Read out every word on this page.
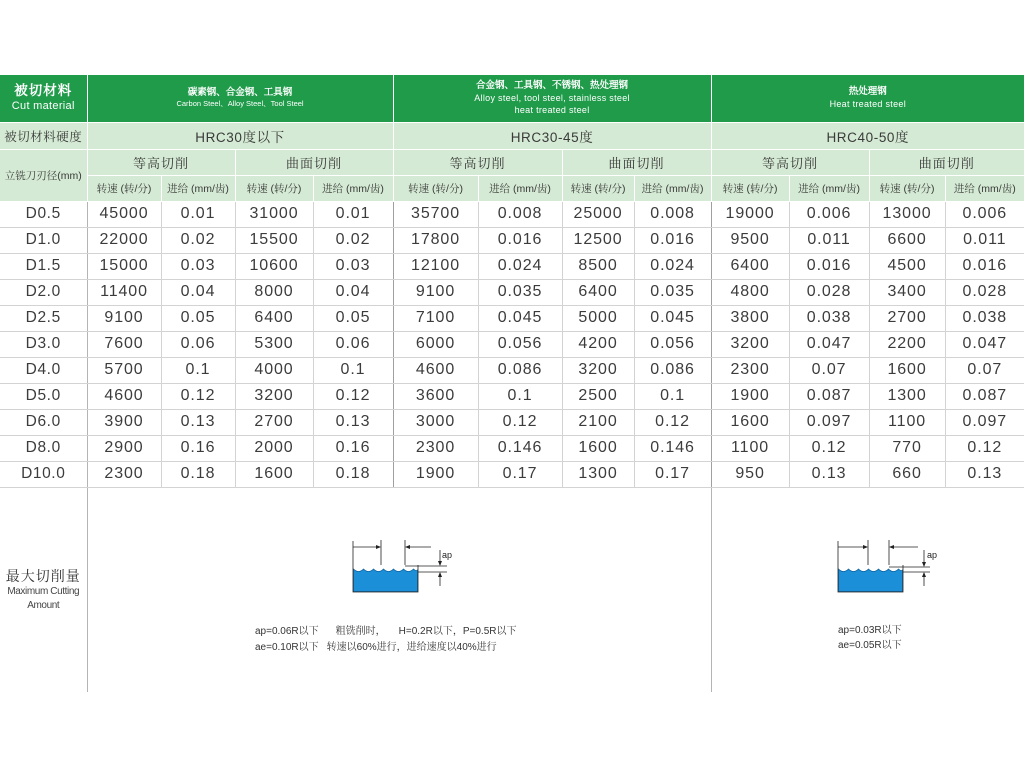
被切材料
Cut material	碳素钢、合金钢、工具钢
Carbon Steel、Alloy Steel、Tool Steel				合金钢、工具钢、不锈钢、热处理钢
Alloy steel, tool steel, stainless steel
heat treated steel				热处理钢
Heat treated steel			

被切材料硬度	HRC30度以下				HRC30-45度				HRC40-50度			
立铣刀刃径(mm)	等高切削		曲面切削		等高切削		曲面切削		等高切削		曲面切削	
	转速 (转/分)	进给 (mm/齿)	转速 (转/分)	进给 (mm/齿)	转速 (转/分)	进给 (mm/齿)	转速 (转/分)	进给 (mm/齿)	转速 (转/分)	进给 (mm/齿)	转速 (转/分)	进给 (mm/齿)
D0.5	45000	0.01	31000	0.01	35700	0.008	25000	0.008	19000	0.006	13000	0.006
D1.0	22000	0.02	15500	0.02	17800	0.016	12500	0.016	9500	0.011	6600	0.011
D1.5	15000	0.03	10600	0.03	12100	0.024	8500	0.024	6400	0.016	4500	0.016
D2.0	11400	0.04	8000	0.04	9100	0.035	6400	0.035	4800	0.028	3400	0.028
D2.5	9100	0.05	6400	0.05	7100	0.045	5000	0.045	3800	0.038	2700	0.038
D3.0	7600	0.06	5300	0.06	6000	0.056	4200	0.056	3200	0.047	2200	0.047
D4.0	5700	0.1	4000	0.1	4600	0.086	3200	0.086	2300	0.07	1600	0.07
D5.0	4600	0.12	3200	0.12	3600	0.1	2500	0.1	1900	0.087	1300	0.087
D6.0	3900	0.13	2700	0.13	3000	0.12	2100	0.12	1600	0.097	1100	0.097
D8.0	2900	0.16	2000	0.16	2300	0.146	1600	0.146	1100	0.12	770	0.12
D10.0	2300	0.18	1600	0.18	1900	0.17	1300	0.17	950	0.13	660	0.13

最大切削量
Maximum Cutting
Amount												

ap
ap=0.06R以下 粗铣削时， H=0.2R以下，P=0.5R以下
ae=0.10R以下 转速以60%进行，进给速度以40%进行
ap
ap=0.03R以下
ae=0.05R以下
